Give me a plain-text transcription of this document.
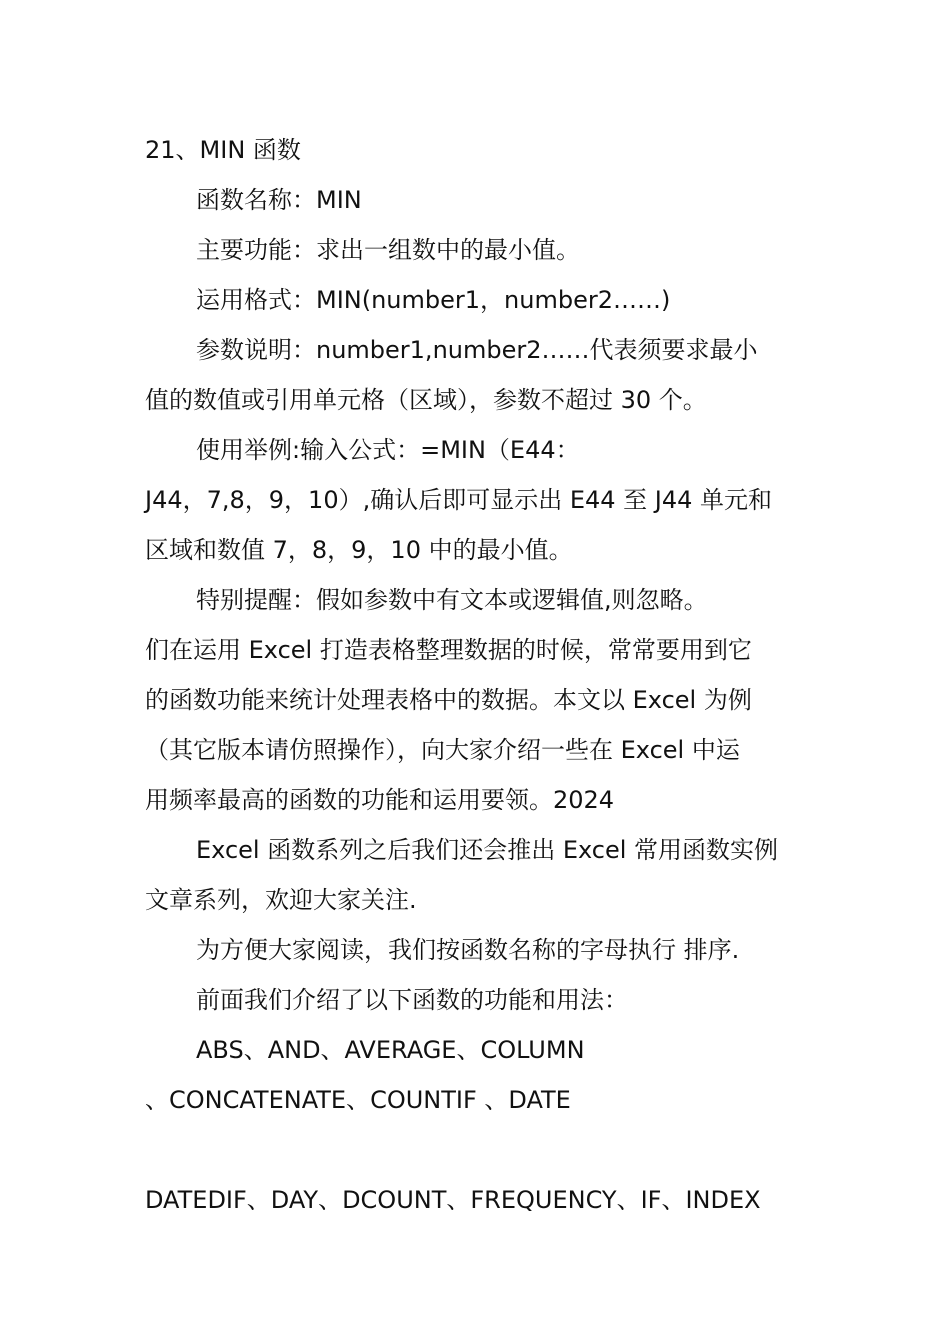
21、MIN 函数
函数名称：MIN
主要功能：求出一组数中的最小值。
运用格式：MIN(number1，number2……)
参数说明：number1,number2……代表须要求最小
值的数值或引用单元格（区域），参数不超过 30 个。
使用举例:输入公式：=MIN（E44：
J44，7,8，9，10）,确认后即可显示出 E44 至 J44 单元和
区域和数值 7，8，9，10 中的最小值。
特别提醒：假如参数中有文本或逻辑值,则忽略。
们在运用 Excel 打造表格整理数据的时候，常常要用到它
的函数功能来统计处理表格中的数据。本文以 Excel 为例
（其它版本请仿照操作），向大家介绍一些在 Excel 中运
用频率最高的函数的功能和运用要领。2024
Excel 函数系列之后我们还会推出 Excel 常用函数实例
文章系列，欢迎大家关注.
为方便大家阅读，我们按函数名称的字母执行 排序.
前面我们介绍了以下函数的功能和用法：
ABS、AND、AVERAGE、COLUMN
、CONCATENATE、COUNTIF 、DATE
DATEDIF、DAY、DCOUNT、FREQUENCY、IF、INDEX
